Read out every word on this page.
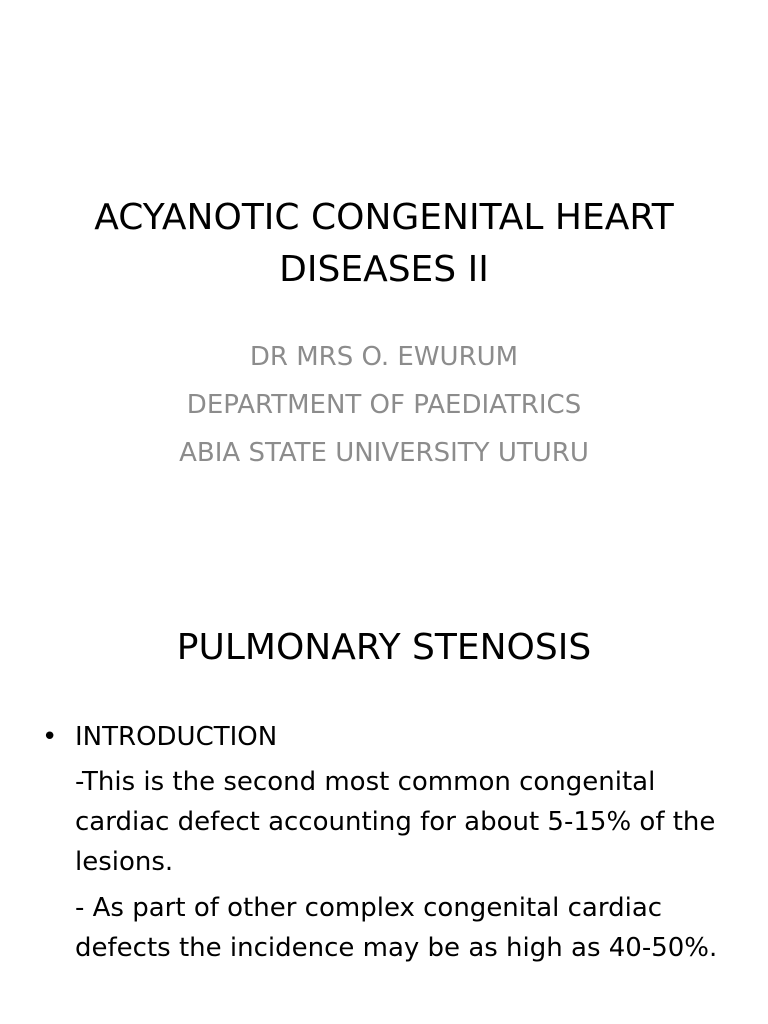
ACYANOTIC CONGENITAL HEART
DISEASES II
DR MRS O. EWURUM
DEPARTMENT OF PAEDIATRICS
ABIA STATE UNIVERSITY UTURU
PULMONARY STENOSIS
• INTRODUCTION
-This is the second most common congenital cardiac defect accounting for about 5-15% of the lesions.
- As part of other complex congenital cardiac defects the incidence may be as high as 40-50%.
